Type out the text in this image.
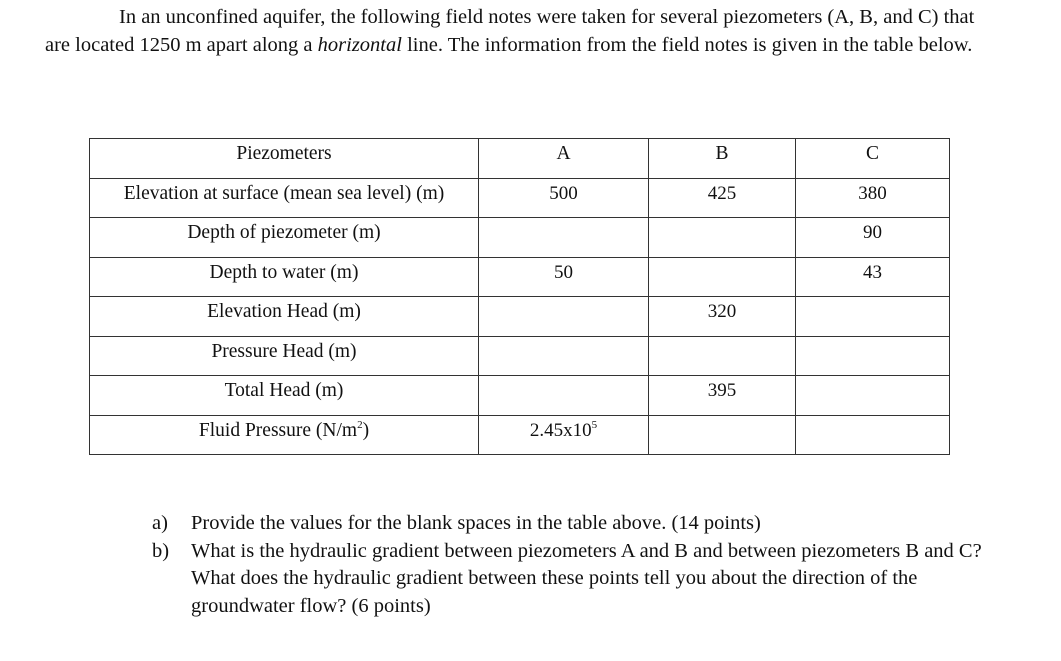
In an unconfined aquifer, the following field notes were taken for several piezometers (A, B, and C) that are located 1250 m apart along a horizontal line. The information from the field notes is given in the table below.

Piezometers	A	B	C
Elevation at surface (mean sea level) (m)	500	425	380
Depth of piezometer (m)			90
Depth to water (m)	50		43
Elevation Head (m)		320	
Pressure Head (m)			
Total Head (m)		395	
Fluid Pressure $(N/m^2)$	$2.45x10^5$		
a) Provide the values for the blank spaces in the table above. (14 points)
b) What is the hydraulic gradient between piezometers A and B and between piezometers B and C? What does the hydraulic gradient between these points tell you about the direction of the groundwater flow? (6 points)
